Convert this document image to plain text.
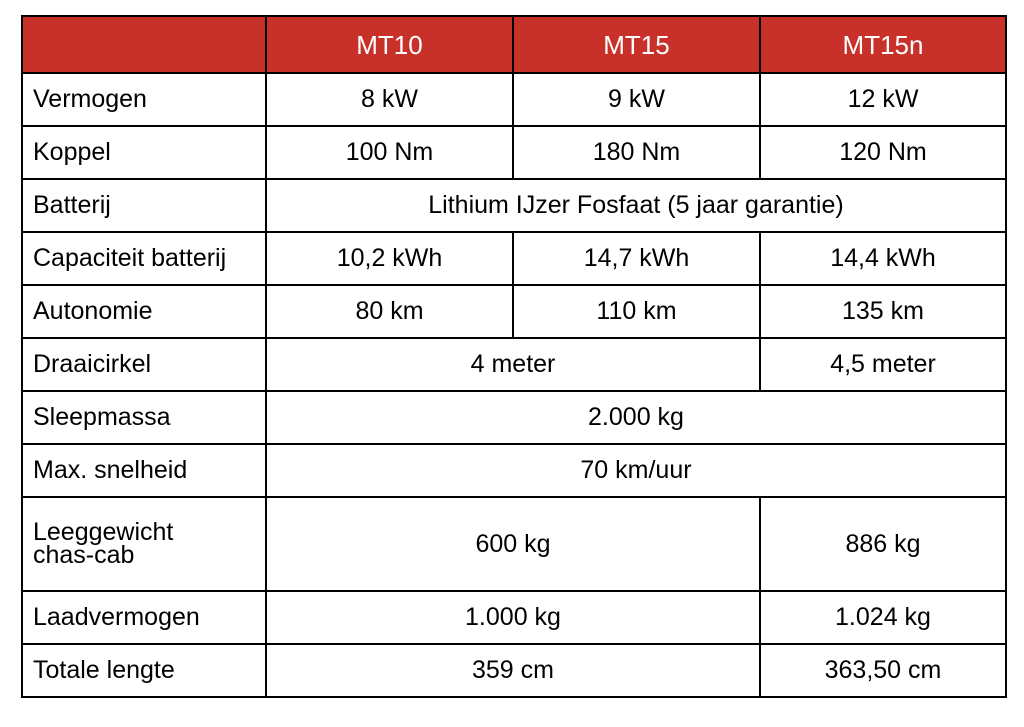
	MT10	MT15	MT15n
Vermogen	8 kW	9 kW	12 kW
Koppel	100 Nm	180 Nm	120 Nm
Batterij	Lithium IJzer Fosfaat (5 jaar garantie)		
Capaciteit batterij	10,2 kWh	14,7 kWh	14,4 kWh
Autonomie	80 km	110 km	135 km
Draaicirkel	4 meter		4,5 meter
Sleepmassa	2.000 kg		
Max. snelheid	70 km/uur		

Leeggewicht
chas-cab	600 kg		886 kg
Laadvermogen	1.000 kg		1.024 kg
Totale lengte	359 cm		363,50 cm
